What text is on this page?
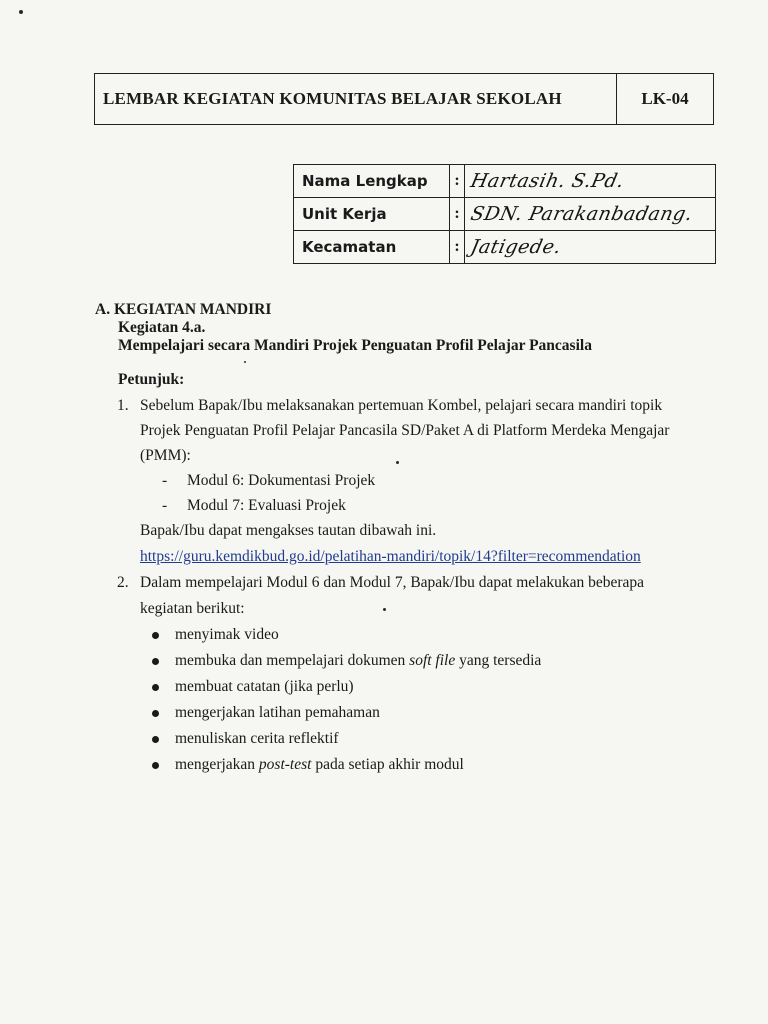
LEMBAR KEGIATAN KOMUNITAS BELAJAR SEKOLAH	LK-04
Nama Lengkap	:	Hartasih. S.Pd.
Unit Kerja	:	SDN. Parakanbadang.
Kecamatan	:	Jatigede.
A. KEGIATAN MANDIRI
Kegiatan 4.a.
Mempelajari secara Mandiri Projek Penguatan Profil Pelajar Pancasila
Petunjuk:
1. Sebelum Bapak/Ibu melaksanakan pertemuan Kombel, pelajari secara mandiri topik
Projek Penguatan Profil Pelajar Pancasila SD/Paket A di Platform Merdeka Mengajar
(PMM):
- Modul 6: Dokumentasi Projek
- Modul 7: Evaluasi Projek
Bapak/Ibu dapat mengakses tautan dibawah ini.
https://guru.kemdikbud.go.id/pelatihan-mandiri/topik/14?filter=recommendation
2. Dalam mempelajari Modul 6 dan Modul 7, Bapak/Ibu dapat melakukan beberapa
kegiatan berikut:
menyimak video
membuka dan mempelajari dokumen soft file yang tersedia
membuat catatan (jika perlu)
mengerjakan latihan pemahaman
menuliskan cerita reflektif
mengerjakan post-test pada setiap akhir modul
